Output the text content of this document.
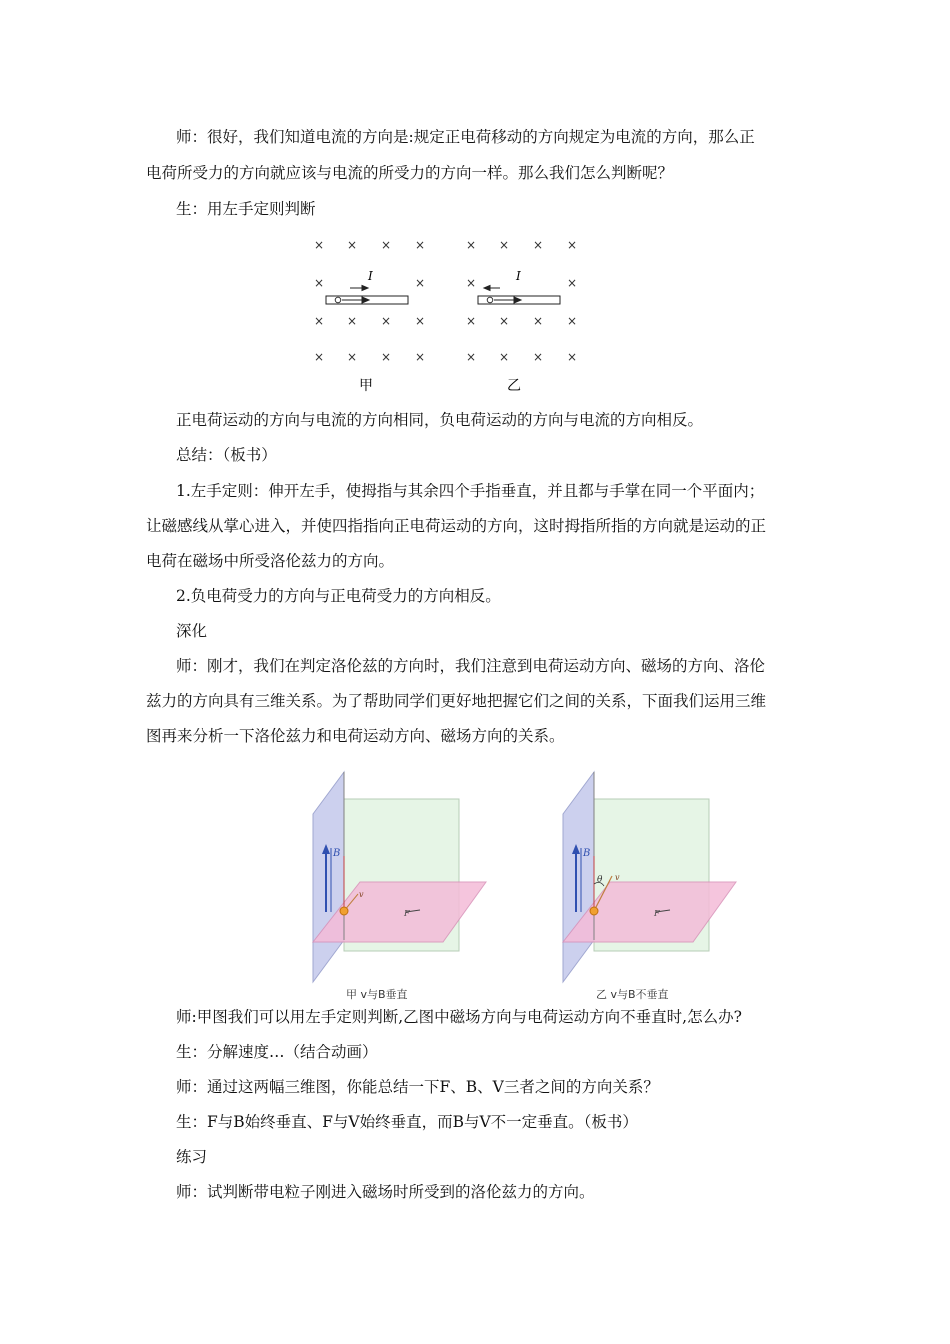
师：很好，我们知道电流的方向是:规定正电荷移动的方向规定为电流的方向，那么正
电荷所受力的方向就应该与电流的所受力的方向一样。那么我们怎么判断呢？
生：用左手定则判断
× × × ×
×	×
× × × ×
× × × ×
× × × ×
×	×
× × × ×
× × × ×
I	I
甲	乙
正电荷运动的方向与电流的方向相同，负电荷运动的方向与电流的方向相反。
总结：（板书）
1.左手定则：伸开左手，使拇指与其余四个手指垂直，并且都与手掌在同一个平面内；
让磁感线从掌心进入，并使四指指向正电荷运动的方向，这时拇指所指的方向就是运动的正
电荷在磁场中所受洛伦兹力的方向。
2.负电荷受力的方向与正电荷受力的方向相反。
深化
师：刚才，我们在判定洛伦兹的方向时，我们注意到电荷运动方向、磁场的方向、洛伦
兹力的方向具有三维关系。为了帮助同学们更好地把握它们之间的关系，下面我们运用三维
图再来分析一下洛伦兹力和电荷运动方向、磁场方向的关系。
B
v
F
甲 v与B垂直
B
θ v
F
乙 v与B不垂直
师:甲图我们可以用左手定则判断,乙图中磁场方向与电荷运动方向不垂直时,怎么办?
生：分解速度…（结合动画）
师：通过这两幅三维图，你能总结一下F、B、V三者之间的方向关系？
生：F与B始终垂直、F与V始终垂直，而B与V不一定垂直。（板书）
练习
师：试判断带电粒子刚进入磁场时所受到的洛伦兹力的方向。
